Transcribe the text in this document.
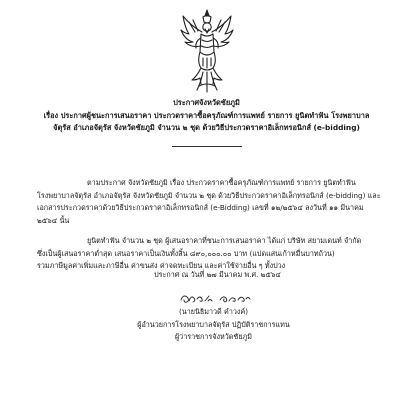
ประกาศจังหวัดชัยภูมิ
เรื่อง ประกาศผู้ชนะการเสนอราคา ประกวดราคาซื้อครุภัณฑ์การแพทย์ รายการ ยูนิตทำฟัน โรงพยาบาล
จัตุรัส อำเภอจัตุรัส จังหวัดชัยภูมิ จำนวน ๒ ชุด ด้วยวิธีประกวดราคาอิเล็กทรอนิกส์ (e-bidding)
ตามประกาศ จังหวัดชัยภูมิ เรื่อง ประกวดราคาซื้อครุภัณฑ์การแพทย์ รายการ ยูนิตทำฟัน
โรงพยาบาลจัตุรัส อำเภอจัตุรัส จังหวัดชัยภูมิ จำนวน ๒ ชุด ด้วยวิธีประกวดราคาอิเล็กทรอนิกส์ (e-bidding) และ
เอกสารประกวดราคาด้วยวิธีประกวดราคาอิเล็กทรอนิกส์ (e-Bidding) เลขที่ ๑๒/๒๕๖๔ ลงวันที่ ๑๑ มีนาคม
๒๕๖๔ นั้น
ยูนิตทำฟัน จำนวน ๒ ชุด ผู้เสนอราคาที่ชนะการเสนอราคา ได้แก่ บริษัท สยามเดนท์ จำกัด
ซึ่งเป็นผู้เสนอราคาต่ำสุด เสนอราคาเป็นเงินทั้งสิ้น ๘๙๐,๐๐๐.๐๐ บาท (แปดแสนเก้าหมื่นบาทถ้วน)
รวมภาษีมูลค่าเพิ่มและภาษีอื่น ค่าขนส่ง ค่าจดทะเบียน และค่าใช้จ่ายอื่น ๆ ทั้งปวง
ประกาศ ณ วันที่ ๒๗ มีนาคม พ.ศ. ๒๕๖๔
(นายนิธิมาวดี คำวงค์)
ผู้อำนวยการโรงพยาบาลจัตุรัส ปฏิบัติราชการแทน
ผู้ว่าราชการจังหวัดชัยภูมิ
